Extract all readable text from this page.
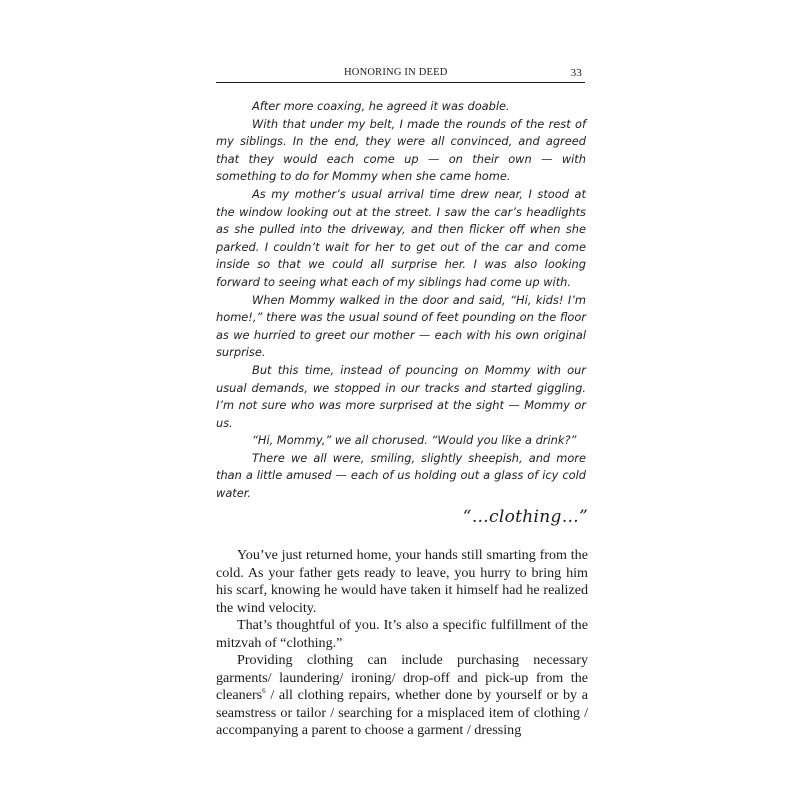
HONORING IN DEED	33

After more coaxing, he agreed it was doable.

With that under my belt, I made the rounds of the rest of my siblings. In the end, they were all convinced, and agreed that they would each come up — on their own — with something to do for Mommy when she came home.

As my mother’s usual arrival time drew near, I stood at the window looking out at the street. I saw the car’s headlights as she pulled into the driveway, and then flicker off when she parked. I couldn’t wait for her to get out of the car and come inside so that we could all surprise her. I was also looking forward to seeing what each of my siblings had come up with.

When Mommy walked in the door and said, “Hi, kids! I’m home!,” there was the usual sound of feet pounding on the floor as we hurried to greet our mother — each with his own original surprise.

But this time, instead of pouncing on Mommy with our usual demands, we stopped in our tracks and started giggling. I’m not sure who was more surprised at the sight — Mommy or us.

“Hi, Mommy,” we all chorused. “Would you like a drink?”

There we all were, smiling, slightly sheepish, and more than a little amused — each of us holding out a glass of icy cold water.

“…clothing…”

You’ve just returned home, your hands still smarting from the cold. As your father gets ready to leave, you hurry to bring him his scarf, knowing he would have taken it himself had he realized the wind velocity.

That’s thoughtful of you. It’s also a specific fulfillment of the mitzvah of “clothing.”

Providing clothing can include purchasing necessary garments/ laundering/ ironing/ drop-off and pick-up from the cleaners$^6$ / all clothing repairs, whether done by yourself or by a seamstress or tailor / searching for a misplaced item of clothing / accompanying a parent to choose a garment / dressing
